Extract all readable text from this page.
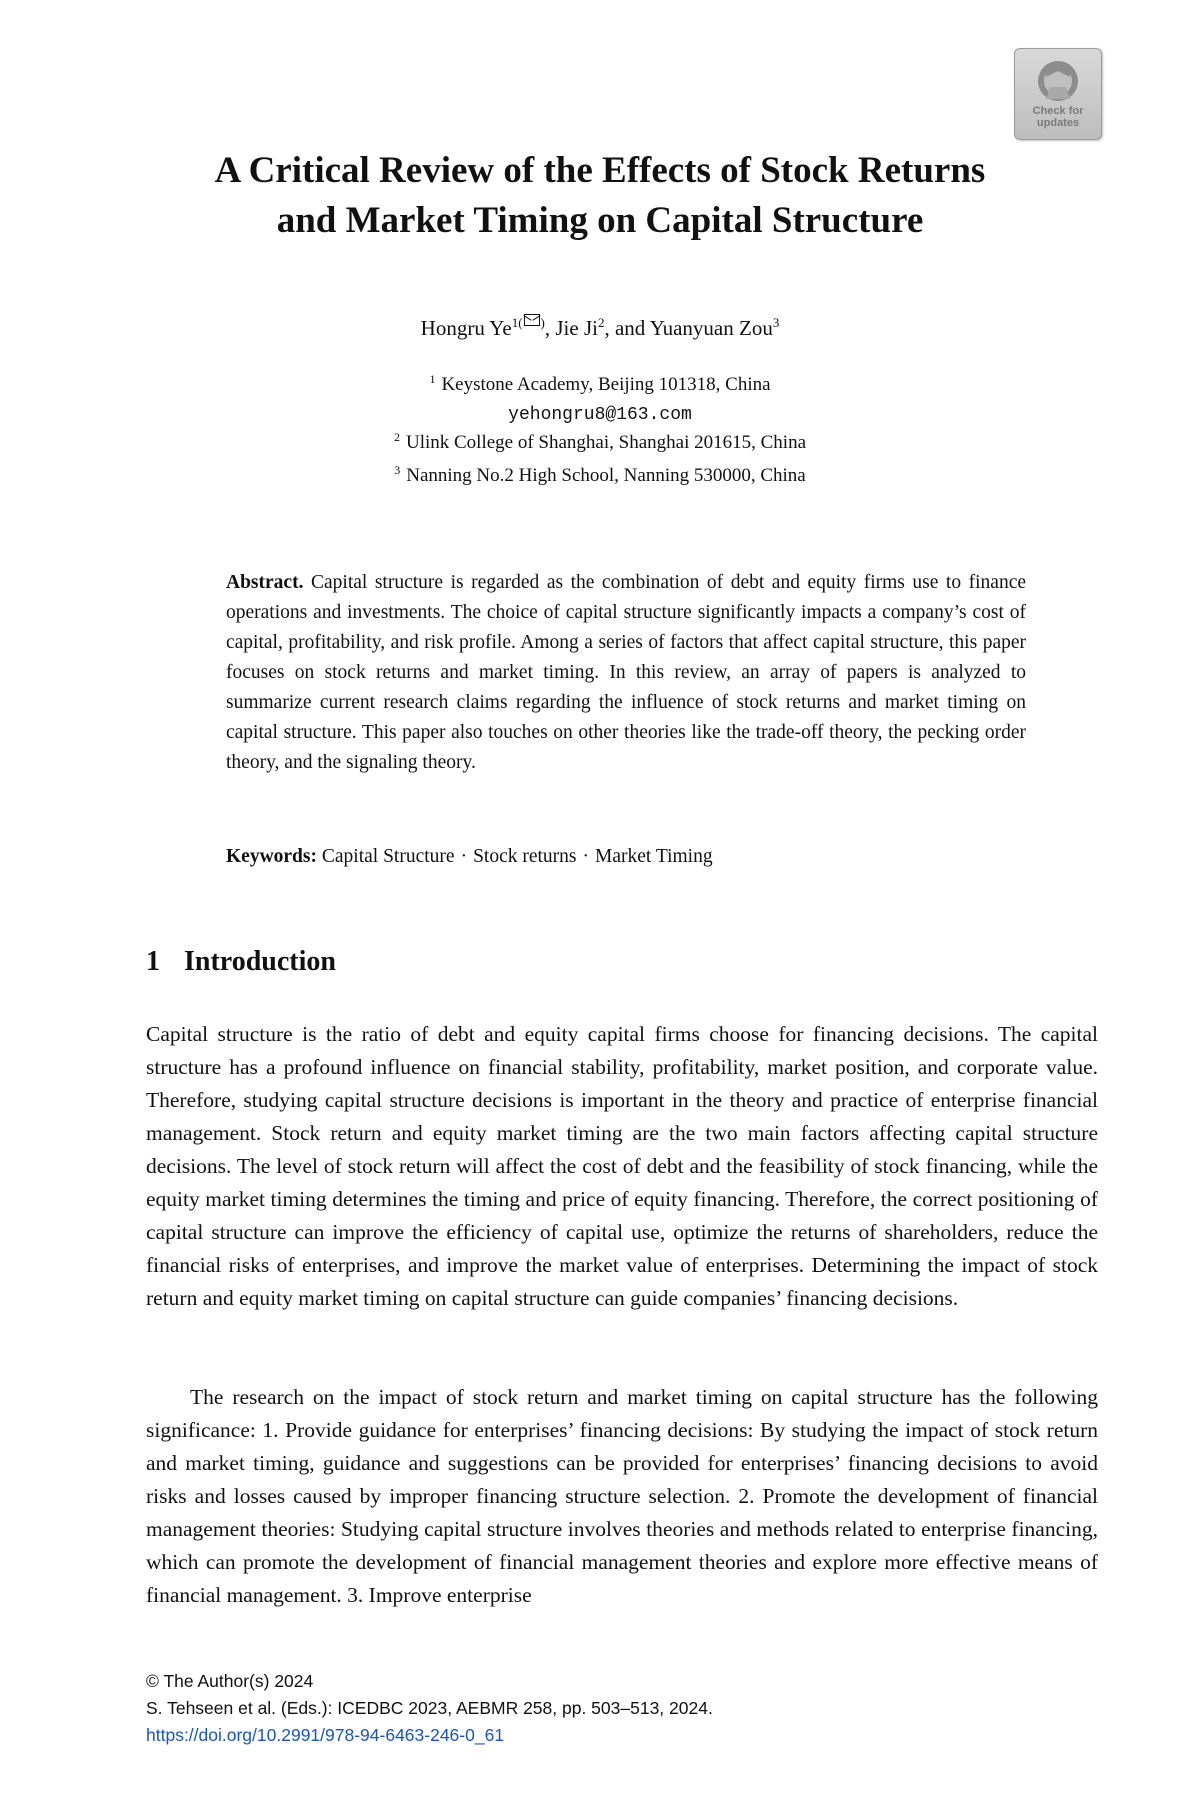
Check for updates
A Critical Review of the Effects of Stock Returns
and Market Timing on Capital Structure
Hongru $Ye^{1( )}$, Jie Ji$^2$, and Yuanyuan Zou$^3$
$^1$ Keystone Academy, Beijing 101318, China
yehongru8@163.com
$^2$ Ulink College of Shanghai, Shanghai 201615, China
$^3$ Nanning No.2 High School, Nanning 530000, China

Abstract. Capital structure is regarded as the combination of debt and equity firms use to finance operations and investments. The choice of capital structure significantly impacts a company’s cost of capital, profitability, and risk profile. Among a series of factors that affect capital structure, this paper focuses on stock returns and market timing. In this review, an array of papers is analyzed to summarize current research claims regarding the influence of stock returns and market timing on capital structure. This paper also touches on other theories like the trade-off theory, the pecking order theory, and the signaling theory.

Keywords: Capital Structure · Stock returns · Market Timing

1 Introduction

Capital structure is the ratio of debt and equity capital firms choose for financing decisions. The capital structure has a profound influence on financial stability, profitability, market position, and corporate value. Therefore, studying capital structure decisions is important in the theory and practice of enterprise financial management. Stock return and equity market timing are the two main factors affecting capital structure decisions. The level of stock return will affect the cost of debt and the feasibility of stock financing, while the equity market timing determines the timing and price of equity financing. Therefore, the correct positioning of capital structure can improve the efficiency of capital use, optimize the returns of shareholders, reduce the financial risks of enterprises, and improve the market value of enterprises. Determining the impact of stock return and equity market timing on capital structure can guide companies’ financing decisions.

The research on the impact of stock return and market timing on capital structure has the following significance: 1. Provide guidance for enterprises’ financing decisions: By studying the impact of stock return and market timing, guidance and suggestions can be provided for enterprises’ financing decisions to avoid risks and losses caused by improper financing structure selection. 2. Promote the development of financial management theories: Studying capital structure involves theories and methods related to enterprise financing, which can promote the development of financial management theories and explore more effective means of financial management. 3. Improve enterprise

© The Author(s) 2024
S. Tehseen et al. (Eds.): ICEDBC 2023, AEBMR 258, pp. 503–513, 2024.
https://doi.org/10.2991/978-94-6463-246-0_61
